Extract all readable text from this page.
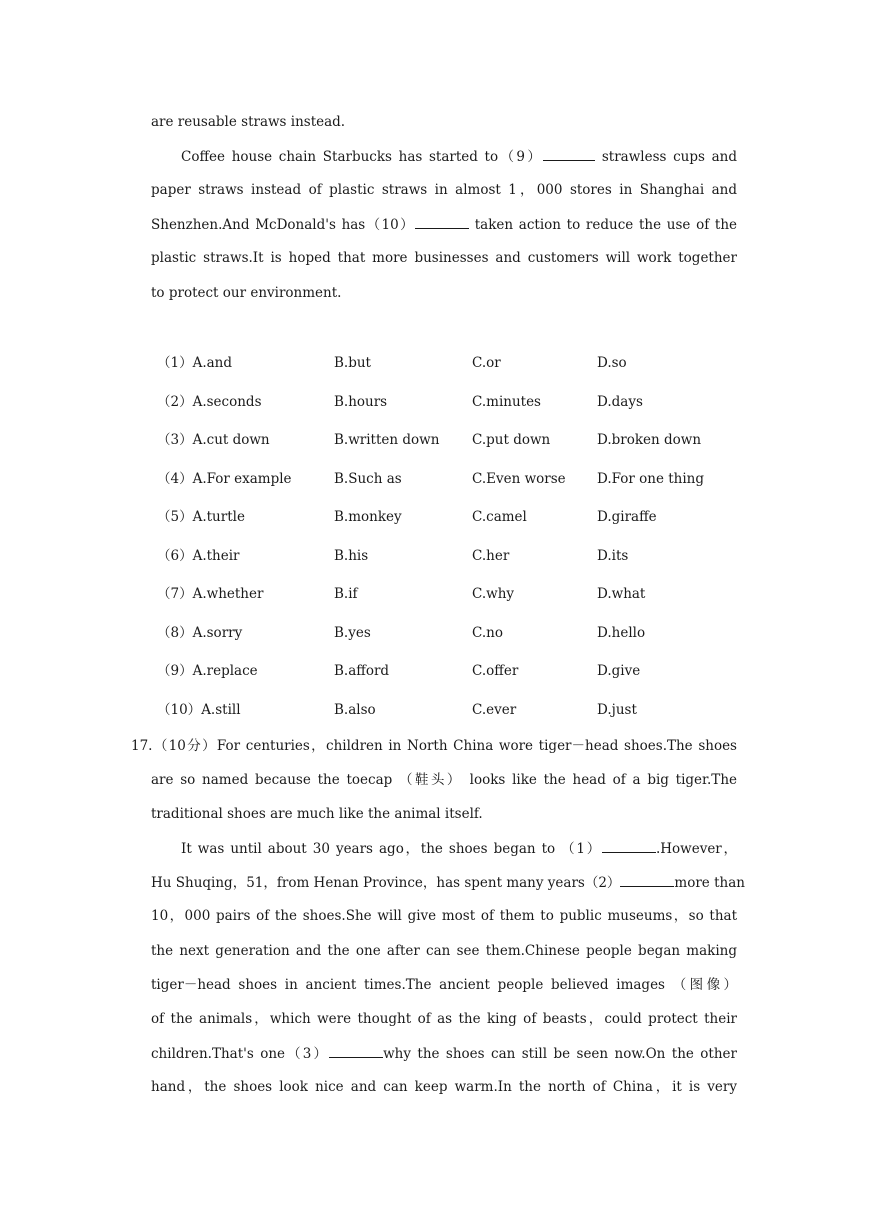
are reusable straws instead.
Coffee house chain Starbucks has started to（9）	strawless cups and
paper straws instead of plastic straws in almost 1，000 stores in Shanghai and
Shenzhen.And McDonald's has（10）	taken action to reduce the use of the
plastic straws.It is hoped that more businesses and customers will work together
to protect our environment.
（1）A.and	B.but	C.or	D.so
（2）A.seconds	B.hours	C.minutes	D.days
（3）A.cut down	B.written down C.put down	D.broken down
（4）A.For example	B.Such as	C.Even worse D.For one thing
（5）A.turtle	B.monkey	C.camel	D.giraffe
（6）A.their	B.his	C.her	D.its
（7）A.whether	B.if	C.why	D.what
（8）A.sorry	B.yes	C.no	D.hello
（9）A.replace	B.afford	C.offer	D.give
（10）A.still	B.also	C.ever	D.just
17.（10分）For centuries，children in North China wore tiger－head shoes.The shoes
are so named because the toecap （鞋头） looks like the head of a big tiger.The
traditional shoes are much like the animal itself.
It was until about 30 years ago，the shoes began to （1）	.However，
Hu Shuqing，51，from Henan Province，has spent many years（2）	more than
10，000 pairs of the shoes.She will give most of them to public museums，so that
the next generation and the one after can see them.Chinese people began making
tiger－head shoes in ancient times.The ancient people believed images （图像）
of the animals，which were thought of as the king of beasts，could protect their
children.That's one（3）	why the shoes can still be seen now.On the other
hand，the shoes look nice and can keep warm.In the north of China，it is very
